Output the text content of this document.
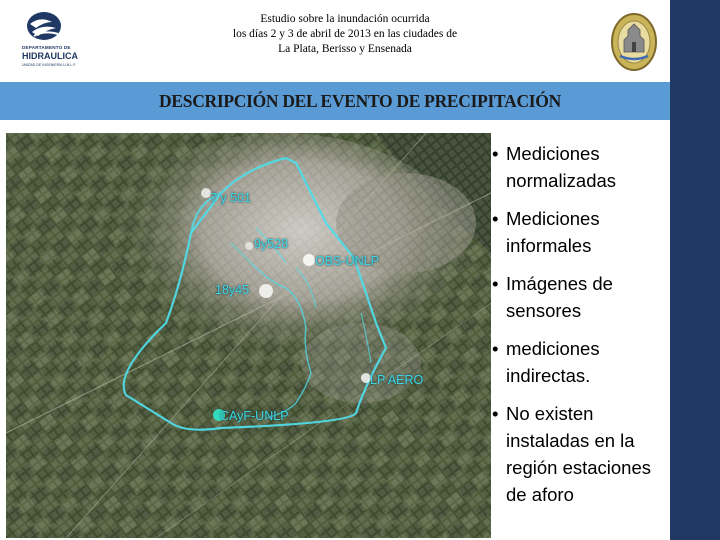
DEPARTAMENTO DE
HIDRAULICA
UNIDAD DE INGENIERÍA U.N.L.P.
Estudio sobre la inundación ocurrida
los días 2 y 3 de abril de 2013 en las ciudades de
La Plata, Berisso y Ensenada
DESCRIPCIÓN DEL EVENTO DE PRECIPITACIÓN
7 y 501
9y528
OBS-UNLP
18y45
LP AERO
CAyF-UNLP
• Mediciones normalizadas
• Mediciones informales
• Imágenes de sensores
• mediciones indirectas.
• No existen instaladas en la región estaciones de aforo
